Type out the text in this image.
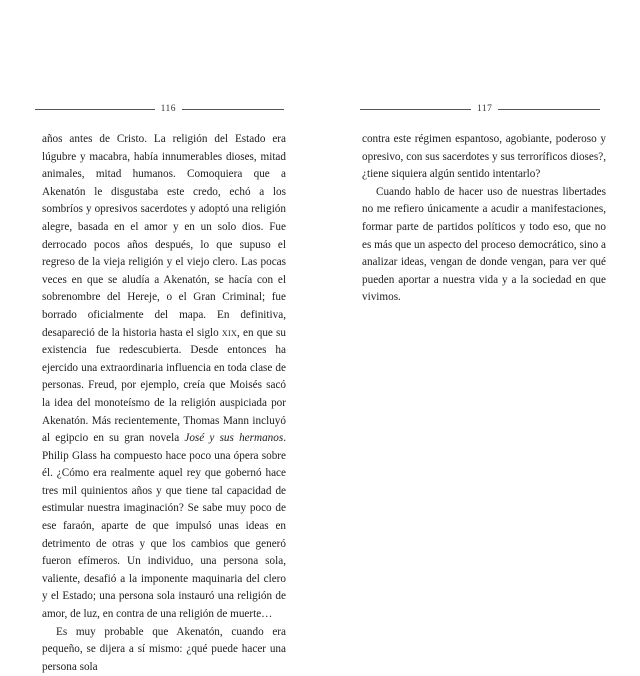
116

años antes de Cristo. La religión del Estado era lúgubre y macabra, había innumerables dioses, mitad animales, mitad humanos. Comoquiera que a Akenatón le disgustaba este credo, echó a los sombríos y opresivos sacerdotes y adoptó una religión alegre, basada en el amor y en un solo dios. Fue derrocado pocos años después, lo que supuso el regreso de la vieja religión y el viejo clero. Las pocas veces en que se aludía a Akenatón, se hacía con el sobrenombre del Hereje, o el Gran Criminal; fue borrado oficialmente del mapa. En definitiva, desapareció de la historia hasta el siglo xix, en que su existencia fue redescubierta. Desde entonces ha ejercido una extraordinaria influencia en toda clase de personas. Freud, por ejemplo, creía que Moisés sacó la idea del monoteísmo de la religión auspiciada por Akenatón. Más recientemente, Thomas Mann incluyó al egipcio en su gran novela José y sus hermanos. Philip Glass ha compuesto hace poco una ópera sobre él. ¿Cómo era realmente aquel rey que gobernó hace tres mil quinientos años y que tiene tal capacidad de estimular nuestra imaginación? Se sabe muy poco de ese faraón, aparte de que impulsó unas ideas en detrimento de otras y que los cambios que generó fueron efímeros. Un individuo, una persona sola, valiente, desafió a la imponente maquinaria del clero y el Estado; una persona sola instauró una religión de amor, de luz, en contra de una religión de muerte…

Es muy probable que Akenatón, cuando era pequeño, se dijera a sí mismo: ¿qué puede hacer una persona sola

117

contra este régimen espantoso, agobiante, poderoso y opresivo, con sus sacerdotes y sus terroríficos dioses?, ¿tiene siquiera algún sentido intentarlo?

Cuando hablo de hacer uso de nuestras libertades no me refiero únicamente a acudir a manifestaciones, formar parte de partidos políticos y todo eso, que no es más que un aspecto del proceso democrático, sino a analizar ideas, vengan de donde vengan, para ver qué pueden aportar a nuestra vida y a la sociedad en que vivimos.
